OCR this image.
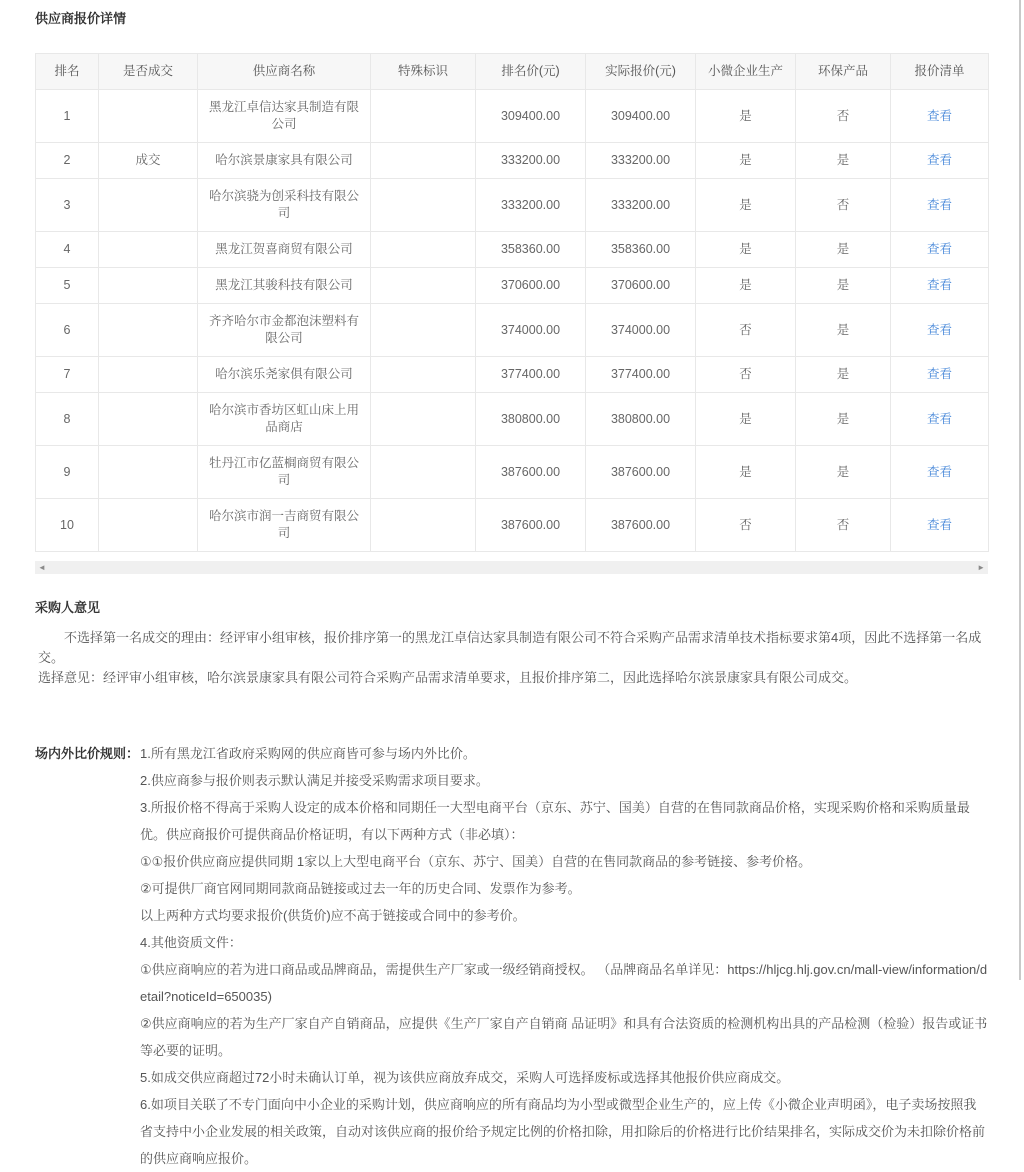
供应商报价详情
排名	是否成交	供应商名称	特殊标识	排名价(元)	实际报价(元)	小微企业生产	环保产品	报价清单
1		黑龙江卓信达家具制造有限公司		309400.00	309400.00	是	否	查看
2	成交	哈尔滨景康家具有限公司		333200.00	333200.00	是	是	查看
3		哈尔滨骁为创采科技有限公司		333200.00	333200.00	是	否	查看
4		黑龙江贺喜商贸有限公司		358360.00	358360.00	是	是	查看
5		黑龙江其骏科技有限公司		370600.00	370600.00	是	是	查看
6		齐齐哈尔市金都泡沫塑料有限公司		374000.00	374000.00	否	是	查看
7		哈尔滨乐尧家俱有限公司		377400.00	377400.00	否	是	查看
8		哈尔滨市香坊区虹山床上用品商店		380800.00	380800.00	是	是	查看
9		牡丹江市亿蓝榈商贸有限公司		387600.00	387600.00	是	是	查看
10		哈尔滨市润一吉商贸有限公司		387600.00	387600.00	否	否	查看
◄	►
采购人意见
不选择第一名成交的理由：经评审小组审核，报价排序第一的黑龙江卓信达家具制造有限公司不符合采购产品需求清单技术指标要求第4项，因此不选择第一名成交。
选择意见：经评审小组审核，哈尔滨景康家具有限公司符合采购产品需求清单要求，且报价排序第二，因此选择哈尔滨景康家具有限公司成交。
场内外比价规则： 1.所有黑龙江省政府采购网的供应商皆可参与场内外比价。
2.供应商参与报价则表示默认满足并接受采购需求项目要求。
3.所报价格不得高于采购人设定的成本价格和同期任一大型电商平台（京东、苏宁、国美）自营的在售同款商品价格，实现采购价格和采购质量最优。供应商报价可提供商品价格证明，有以下两种方式（非必填）：
①①报价供应商应提供同期 1家以上大型电商平台（京东、苏宁、国美）自营的在售同款商品的参考链接、参考价格。
②可提供厂商官网同期同款商品链接或过去一年的历史合同、发票作为参考。
以上两种方式均要求报价(供货价)应不高于链接或合同中的参考价。
4.其他资质文件：
①供应商响应的若为进口商品或品牌商品，需提供生产厂家或一级经销商授权。 （品牌商品名单详见：https://hljcg.hlj.gov.cn/mall-view/information/detail?noticeId=650035)
②供应商响应的若为生产厂家自产自销商品，应提供《生产厂家自产自销商 品证明》和具有合法资质的检测机构出具的产品检测（检验）报告或证书等必要的证明。
5.如成交供应商超过72小时未确认订单，视为该供应商放弃成交，采购人可选择废标或选择其他报价供应商成交。
6.如项目关联了不专门面向中小企业的采购计划，供应商响应的所有商品均为小型或微型企业生产的，应上传《小微企业声明函》，电子卖场按照我省支持中小企业发展的相关政策，自动对该供应商的报价给予规定比例的价格扣除，用扣除后的价格进行比价结果排名，实际成交价为未扣除价格前的供应商响应报价。
